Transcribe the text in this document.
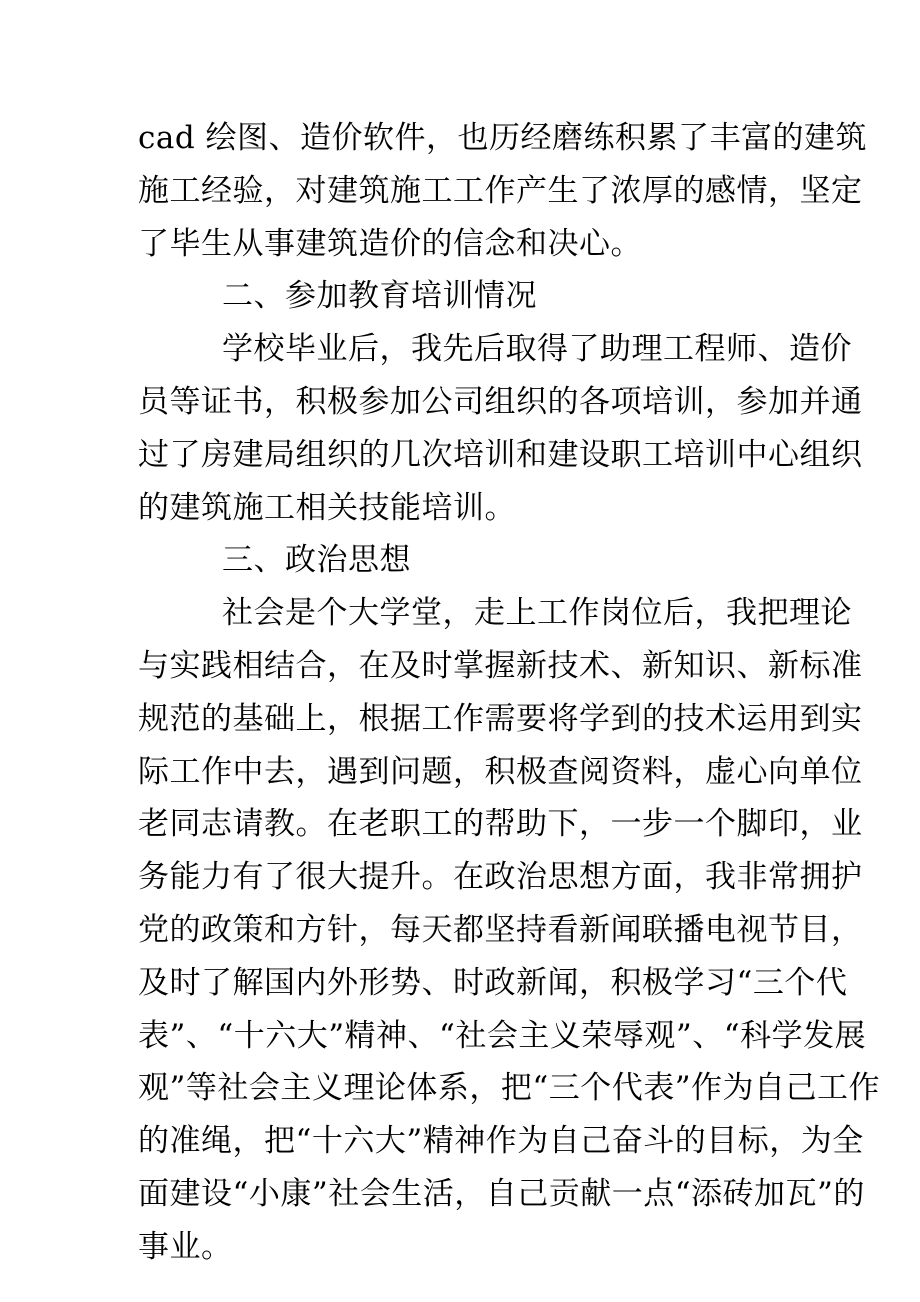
cad 绘图、造价软件，也历经磨练积累了丰富的建筑
施工经验，对建筑施工工作产生了浓厚的感情，坚定
了毕生从事建筑造价的信念和决心。
二、参加教育培训情况
学校毕业后，我先后取得了助理工程师、造价
员等证书，积极参加公司组织的各项培训，参加并通
过了房建局组织的几次培训和建设职工培训中心组织
的建筑施工相关技能培训。
三、政治思想
社会是个大学堂，走上工作岗位后，我把理论
与实践相结合，在及时掌握新技术、新知识、新标准
规范的基础上，根据工作需要将学到的技术运用到实
际工作中去，遇到问题，积极查阅资料，虚心向单位
老同志请教。在老职工的帮助下，一步一个脚印，业
务能力有了很大提升。在政治思想方面，我非常拥护
党的政策和方针，每天都坚持看新闻联播电视节目，
及时了解国内外形势、时政新闻，积极学习“三个代
表”、“十六大”精神、“社会主义荣辱观”、“科学发展
观”等社会主义理论体系，把“三个代表”作为自己工作
的准绳，把“十六大”精神作为自己奋斗的目标，为全
面建设“小康”社会生活，自己贡献一点“添砖加瓦”的
事业。
